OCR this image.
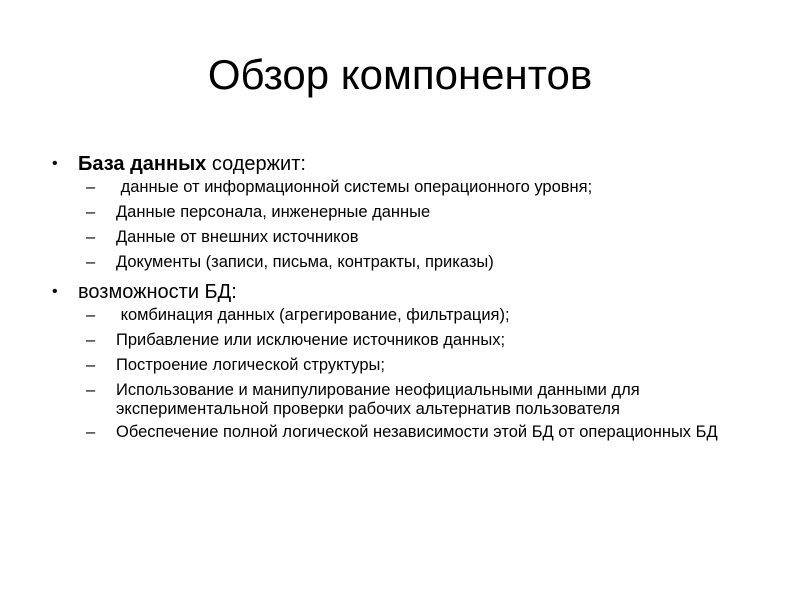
Обзор компонентов
• База данных содержит:
– данные от информационной системы операционного уровня;
– Данные персонала, инженерные данные
– Данные от внешних источников
– Документы (записи, письма, контракты, приказы)
• возможности БД:
– комбинация данных (агрегирование, фильтрация);
– Прибавление или исключение источников данных;
– Построение логической структуры;
– Использование и манипулирование неофициальными данными для экспериментальной проверки рабочих альтернатив пользователя
– Обеспечение полной логической независимости этой БД от операционных БД
